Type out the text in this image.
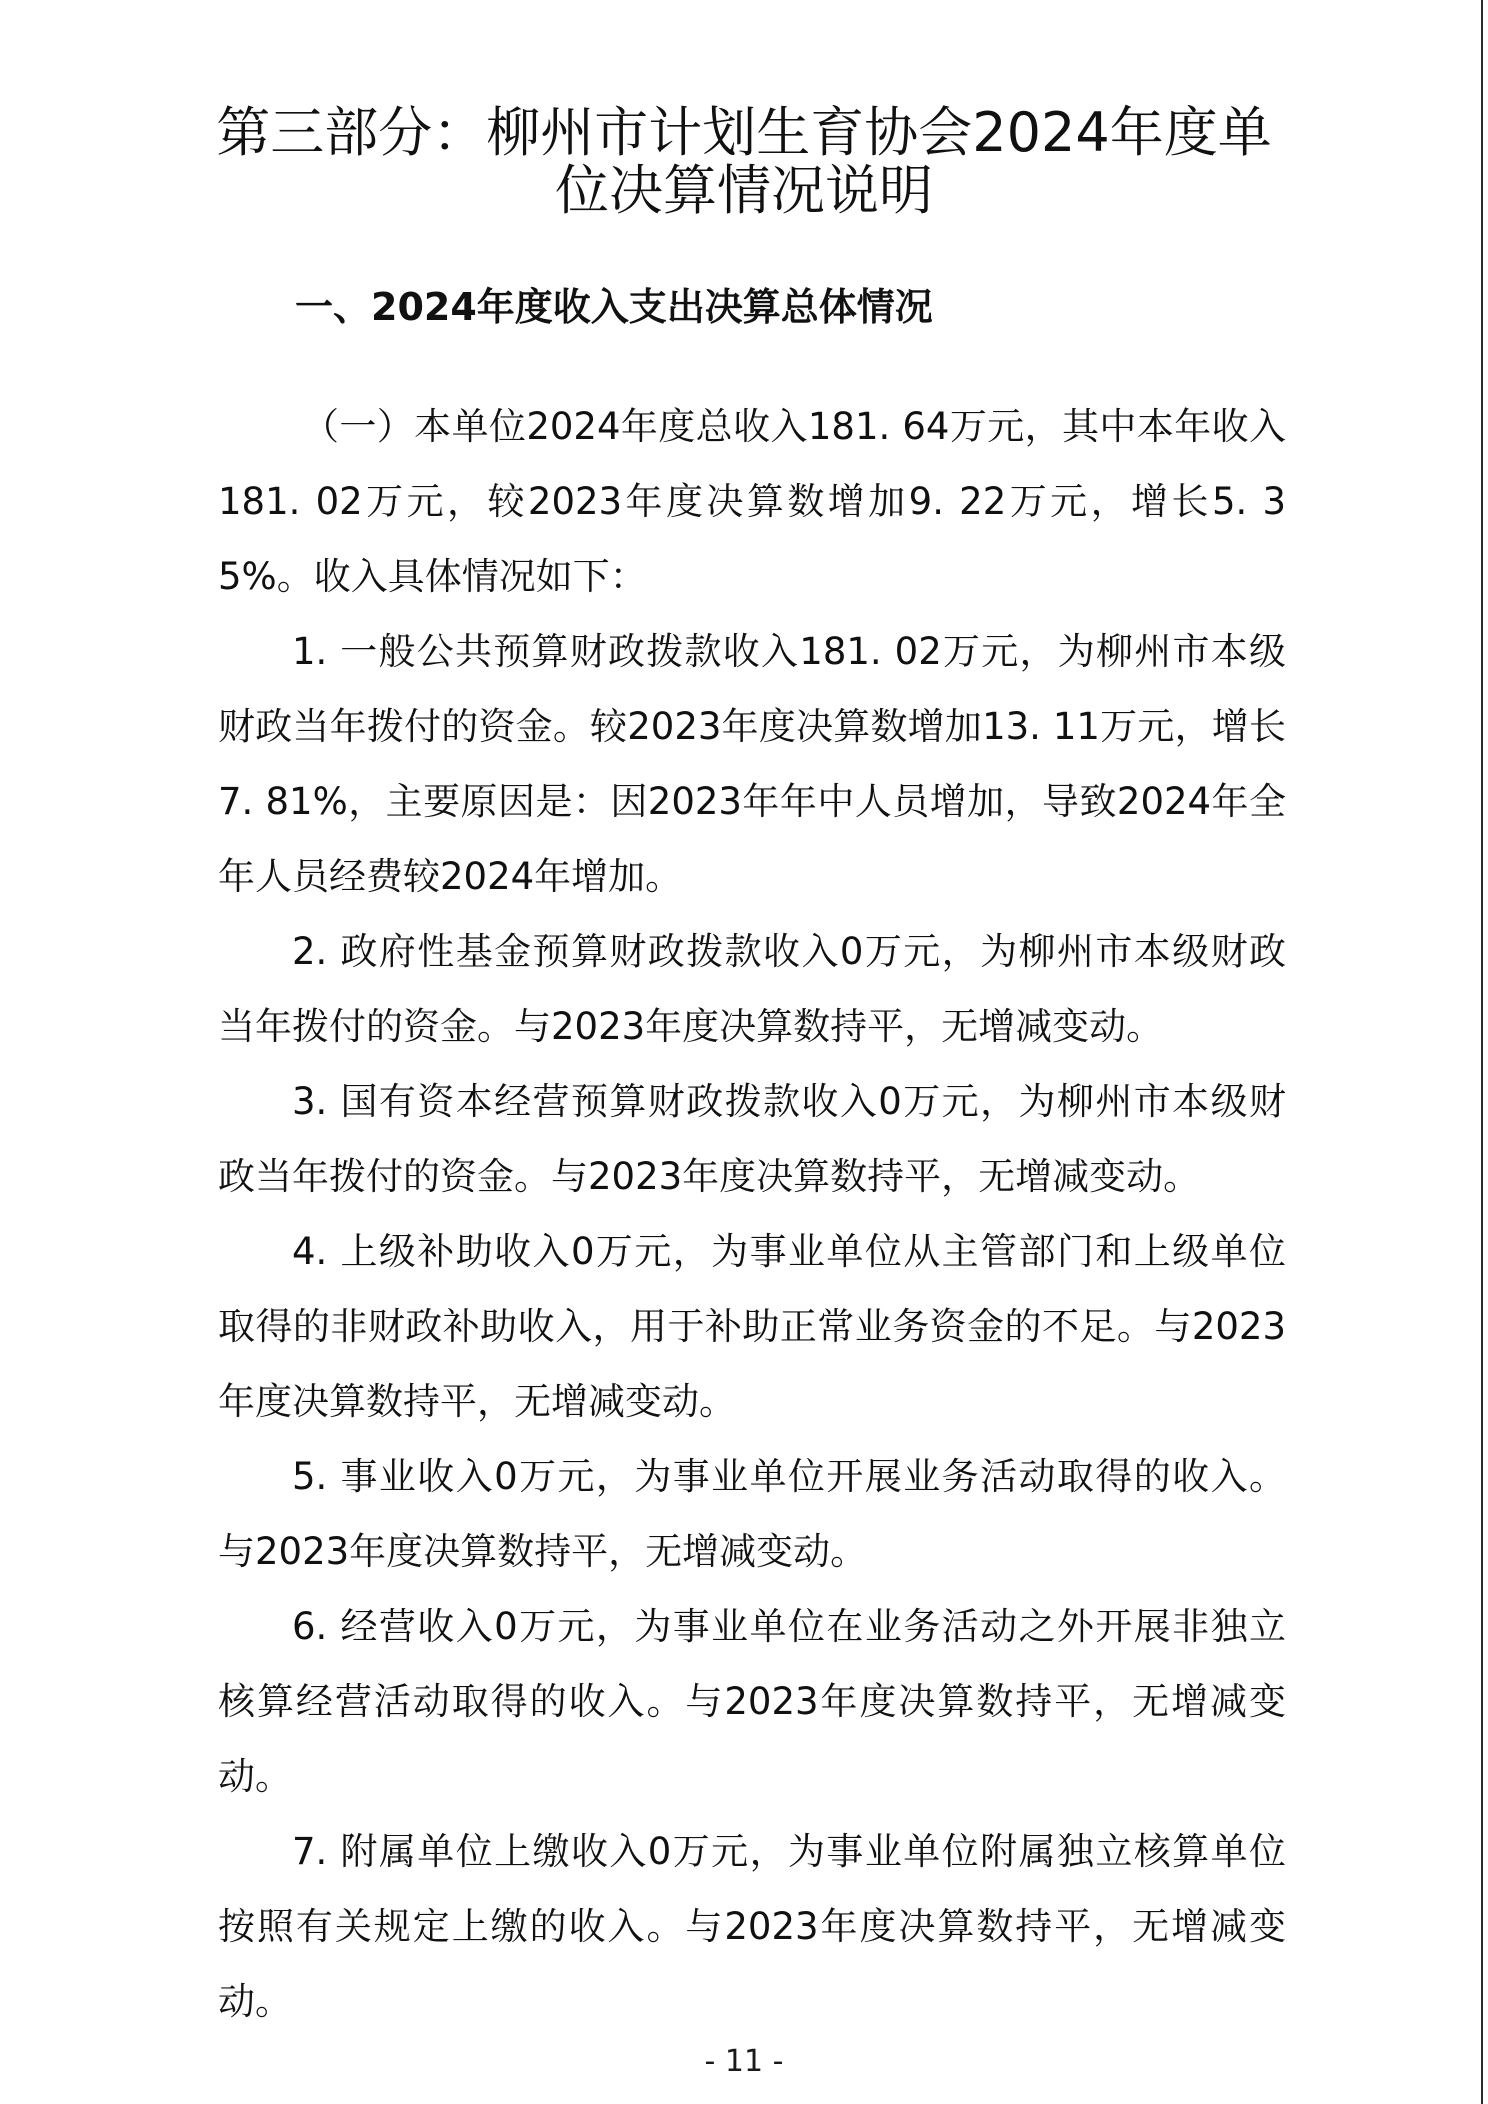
第三部分：柳州市计划生育协会2024年度单位决算情况说明
一、2024年度收入支出决算总体情况

（一）本单位2024年度总收入181. 64万元，其中本年收入181. 02万元，较2023年度决算数增加9. 22万元，增长5. 35%。收入具体情况如下：

1. 一般公共预算财政拨款收入181. 02万元，为柳州市本级财政当年拨付的资金。较2023年度决算数增加13. 11万元，增长7. 81%，主要原因是：因2023年年中人员增加，导致2024年全年人员经费较2024年增加。

2. 政府性基金预算财政拨款收入0万元，为柳州市本级财政当年拨付的资金。与2023年度决算数持平，无增减变动。

3. 国有资本经营预算财政拨款收入0万元，为柳州市本级财政当年拨付的资金。与2023年度决算数持平，无增减变动。

4. 上级补助收入0万元，为事业单位从主管部门和上级单位取得的非财政补助收入，用于补助正常业务资金的不足。与2023年度决算数持平，无增减变动。

5. 事业收入0万元，为事业单位开展业务活动取得的收入。与2023年度决算数持平，无增减变动。

6. 经营收入0万元，为事业单位在业务活动之外开展非独立核算经营活动取得的收入。与2023年度决算数持平，无增减变动。

7. 附属单位上缴收入0万元，为事业单位附属独立核算单位按照有关规定上缴的收入。与2023年度决算数持平，无增减变动。

- 11 -
